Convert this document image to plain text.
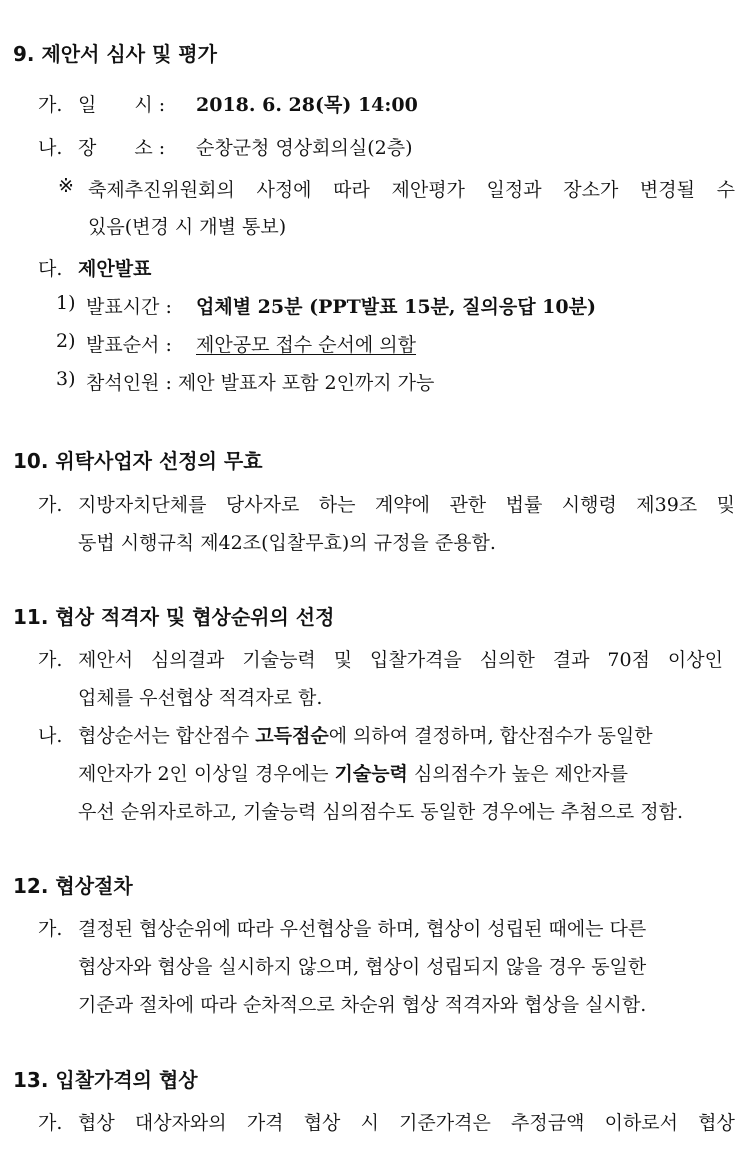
9. 제안서 심사 및 평가
가. 일　　시 : 2018. 6. 28(목) 14:00
나. 장　　소 : 순창군청 영상회의실(2층)
※ 축제추진위원회의 사정에 따라 제안평가 일정과 장소가 변경될 수
있음(변경 시 개별 통보)
다. 제안발표
1) 발표시간 : 업체별 25분 (PPT발표 15분, 질의응답 10분)
2) 발표순서 : 제안공모 접수 순서에 의함
3) 참석인원 : 제안 발표자 포함 2인까지 가능
10. 위탁사업자 선정의 무효
가. 지방자치단체를 당사자로 하는 계약에 관한 법률 시행령 제39조 및
동법 시행규칙 제42조(입찰무효)의 규정을 준용함.
11. 협상 적격자 및 협상순위의 선정
가. 제안서 심의결과 기술능력 및 입찰가격을 심의한 결과 70점 이상인
업체를 우선협상 적격자로 함.
나. 협상순서는 합산점수 고득점순에 의하여 결정하며, 합산점수가 동일한
제안자가 2인 이상일 경우에는 기술능력 심의점수가 높은 제안자를
우선 순위자로하고, 기술능력 심의점수도 동일한 경우에는 추첨으로 정함.
12. 협상절차
가. 결정된 협상순위에 따라 우선협상을 하며, 협상이 성립된 때에는 다른
협상자와 협상을 실시하지 않으며, 협상이 성립되지 않을 경우 동일한
기준과 절차에 따라 순차적으로 차순위 협상 적격자와 협상을 실시함.
13. 입찰가격의 협상
가. 협상 대상자와의 가격 협상 시 기준가격은 추정금액 이하로서 협상
